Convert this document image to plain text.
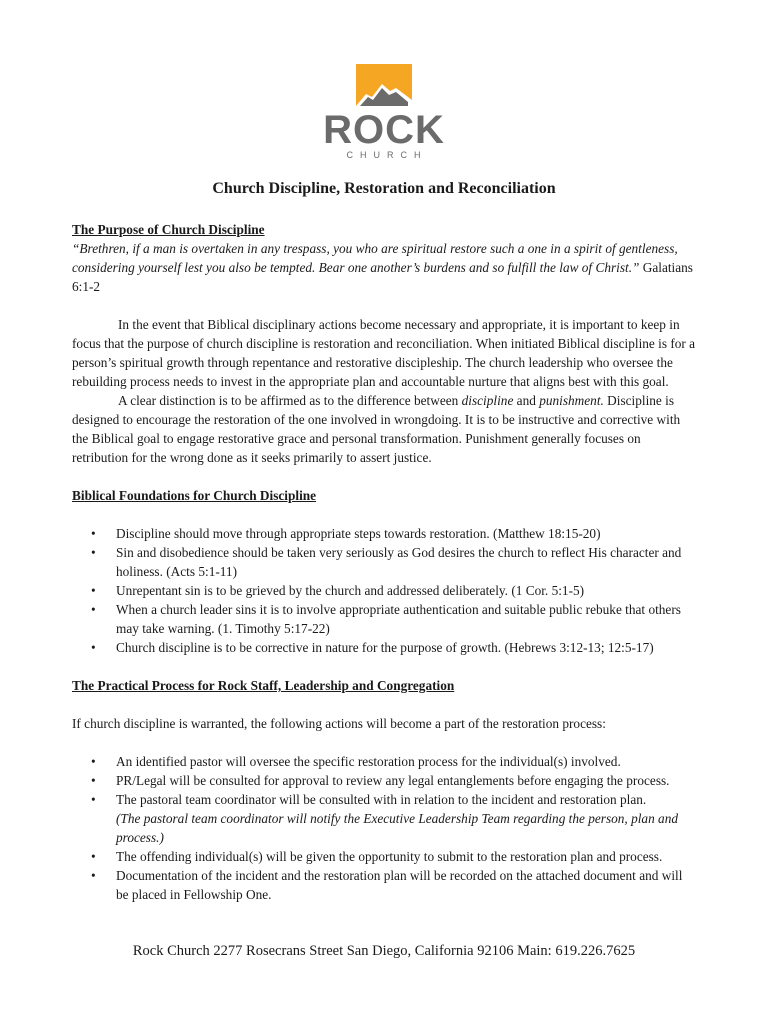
ROCK
CHURCH
Church Discipline, Restoration and Reconciliation

The Purpose of Church Discipline

“Brethren, if a man is overtaken in any trespass, you who are spiritual restore such a one in a spirit of gentleness, considering yourself lest you also be tempted. Bear one another’s burdens and so fulfill the law of Christ.” Galatians 6:1-2

In the event that Biblical disciplinary actions become necessary and appropriate, it is important to keep in focus that the purpose of church discipline is restoration and reconciliation. When initiated Biblical discipline is for a person’s spiritual growth through repentance and restorative discipleship. The church leadership who oversee the rebuilding process needs to invest in the appropriate plan and accountable nurture that aligns best with this goal.

A clear distinction is to be affirmed as to the difference between discipline and punishment. Discipline is designed to encourage the restoration of the one involved in wrongdoing. It is to be instructive and corrective with the Biblical goal to engage restorative grace and personal transformation. Punishment generally focuses on retribution for the wrong done as it seeks primarily to assert justice.

Biblical Foundations for Church Discipline

• Discipline should move through appropriate steps towards restoration. (Matthew 18:15-20)
• Sin and disobedience should be taken very seriously as God desires the church to reflect His character and holiness. (Acts 5:1-11)
• Unrepentant sin is to be grieved by the church and addressed deliberately. (1 Cor. 5:1-5)
• When a church leader sins it is to involve appropriate authentication and suitable public rebuke that others may take warning. (1. Timothy 5:17-22)
• Church discipline is to be corrective in nature for the purpose of growth. (Hebrews 3:12-13; 12:5-17)

The Practical Process for Rock Staff, Leadership and Congregation

If church discipline is warranted, the following actions will become a part of the restoration process:

• An identified pastor will oversee the specific restoration process for the individual(s) involved.
• PR/Legal will be consulted for approval to review any legal entanglements before engaging the process.
• The pastoral team coordinator will be consulted with in relation to the incident and restoration plan.
(The pastoral team coordinator will notify the Executive Leadership Team regarding the person, plan and process.)
• The offending individual(s) will be given the opportunity to submit to the restoration plan and process.
• Documentation of the incident and the restoration plan will be recorded on the attached document and will be placed in Fellowship One.
Rock Church 2277 Rosecrans Street San Diego, California 92106 Main: 619.226.7625
